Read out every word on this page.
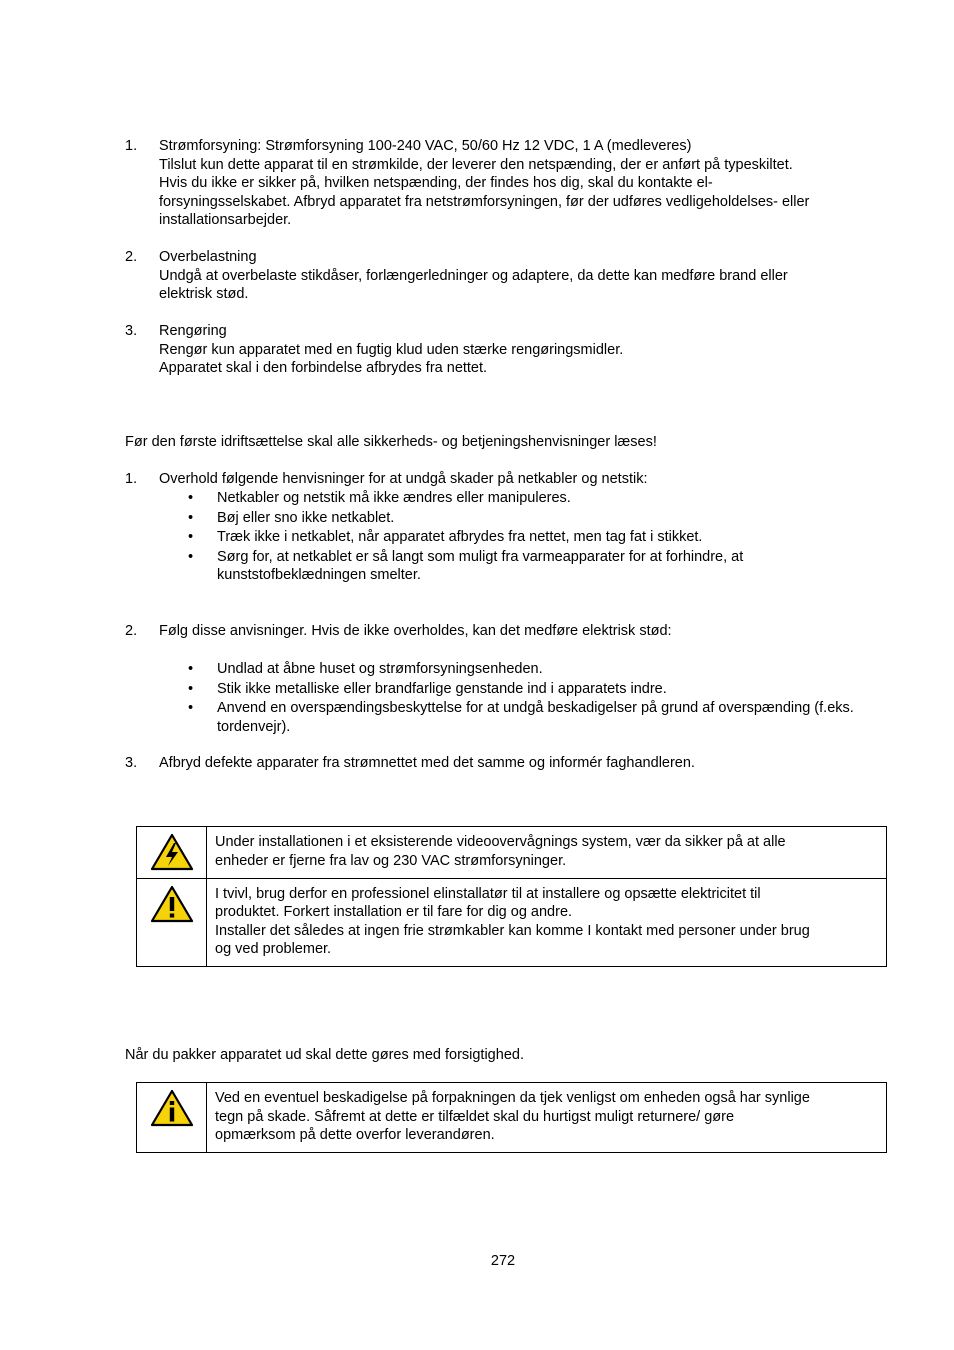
1. Strømforsyning: Strømforsyning 100-240 VAC, 50/60 Hz 12 VDC, 1 A (medleveres)
Tilslut kun dette apparat til en strømkilde, der leverer den netspænding, der er anført på typeskiltet.
Hvis du ikke er sikker på, hvilken netspænding, der findes hos dig, skal du kontakte el-
forsyningsselskabet. Afbryd apparatet fra netstrømforsyningen, før der udføres vedligeholdelses- eller
installationsarbejder.
2. Overbelastning
Undgå at overbelaste stikdåser, forlængerledninger og adaptere, da dette kan medføre brand eller
elektrisk stød.
3. Rengøring
Rengør kun apparatet med en fugtig klud uden stærke rengøringsmidler.
Apparatet skal i den forbindelse afbrydes fra nettet.
Før den første idriftsættelse skal alle sikkerheds- og betjeningshenvisninger læses!
1. Overhold følgende henvisninger for at undgå skader på netkabler og netstik:
• Netkabler og netstik må ikke ændres eller manipuleres.
• Bøj eller sno ikke netkablet.
• Træk ikke i netkablet, når apparatet afbrydes fra nettet, men tag fat i stikket.
• Sørg for, at netkablet er så langt som muligt fra varmeapparater for at forhindre, at kunststofbeklædningen smelter.
2. Følg disse anvisninger. Hvis de ikke overholdes, kan det medføre elektrisk stød:
• Undlad at åbne huset og strømforsyningsenheden.
• Stik ikke metalliske eller brandfarlige genstande ind i apparatets indre.
• Anvend en overspændingsbeskyttelse for at undgå beskadigelser på grund af overspænding (f.eks. tordenvejr).
3. Afbryd defekte apparater fra strømnettet med det samme og informér faghandleren.

Under installationen i et eksisterende videoovervågnings system, vær da sikker på at alle
enheder er fjerne fra lav og 230 VAC strømforsyninger.

I tvivl, brug derfor en professionel elinstallatør til at installere og opsætte elektricitet til
produktet. Forkert installation er til fare for dig og andre.
Installer det således at ingen frie strømkabler kan komme I kontakt med personer under brug
og ved problemer.
Når du pakker apparatet ud skal dette gøres med forsigtighed.

Ved en eventuel beskadigelse på forpakningen da tjek venligst om enheden også har synlige
tegn på skade. Såfremt at dette er tilfældet skal du hurtigst muligt returnere/ gøre
opmærksom på dette overfor leverandøren.
272
